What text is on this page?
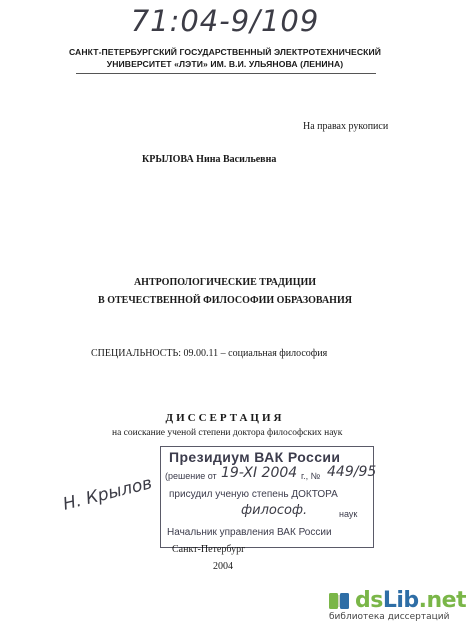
71:04-9/109
САНКТ-ПЕТЕРБУРГСКИЙ ГОСУДАРСТВЕННЫЙ ЭЛЕКТРОТЕХНИЧЕСКИЙ
УНИВЕРСИТЕТ «ЛЭТИ» ИМ. В.И. УЛЬЯНОВА (ЛЕНИНА)
На правах рукописи
КРЫЛОВА Нина Васильевна
АНТРОПОЛОГИЧЕСКИЕ ТРАДИЦИИ
В ОТЕЧЕСТВЕННОЙ ФИЛОСОФИИ ОБРАЗОВАНИЯ
СПЕЦИАЛЬНОСТЬ: 09.00.11 – социальная философия
ДИССЕРТАЦИЯ
на соискание ученой степени доктора философских наук
Н. Крылов
Президиум ВАК России
(решение от 19-XI 2004 г., № 449/95
присудил ученую степень ДОКТОРА
философ.	наук
Начальник управления ВАК России
Санкт-Петербург
2004
dsLib.net
библиотека диссертаций
